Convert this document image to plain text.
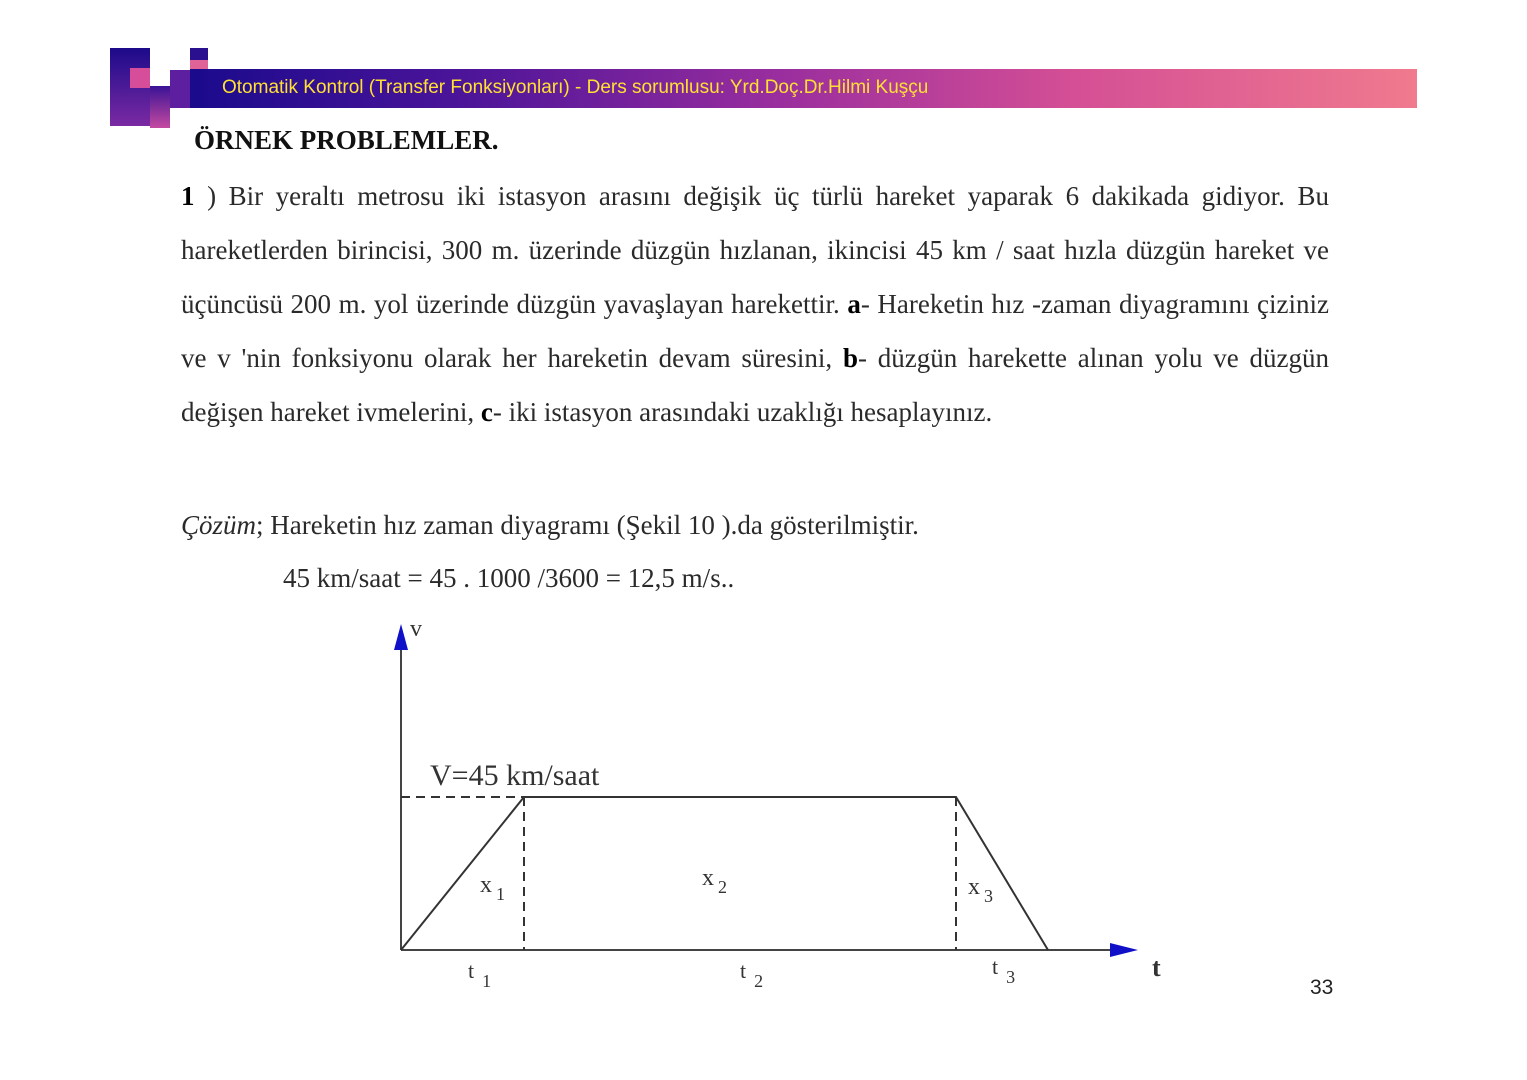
Otomatik Kontrol (Transfer Fonksiyonları) - Ders sorumlusu: Yrd.Doç.Dr.Hilmi Kuşçu
ÖRNEK PROBLEMLER.
1 ) Bir yeraltı metrosu iki istasyon arasını değişik üç türlü hareket yaparak 6 dakikada gidiyor. Bu hareketlerden birincisi, 300 m. üzerinde düzgün hızlanan, ikincisi 45 km / saat hızla düzgün hareket ve üçüncüsü 200 m. yol üzerinde düzgün yavaşlayan harekettir. a- Hareketin hız -zaman diyagramını çiziniz ve v 'nin fonksiyonu olarak her hareketin devam süresini, b- düzgün harekette alınan yolu ve düzgün değişen hareket ivmelerini, c- iki istasyon arasındaki uzaklığı hesaplayınız.
Çözüm; Hareketin hız zaman diyagramı (Şekil 10 ).da gösterilmiştir.
45 km/saat = 45 . 1000 /3600 = 12,5 m/s..
v
t
V=45 km/saat
x $_1$
x $_2$	x $_3$
t $_1$	t $_2$
t $_3$	33
